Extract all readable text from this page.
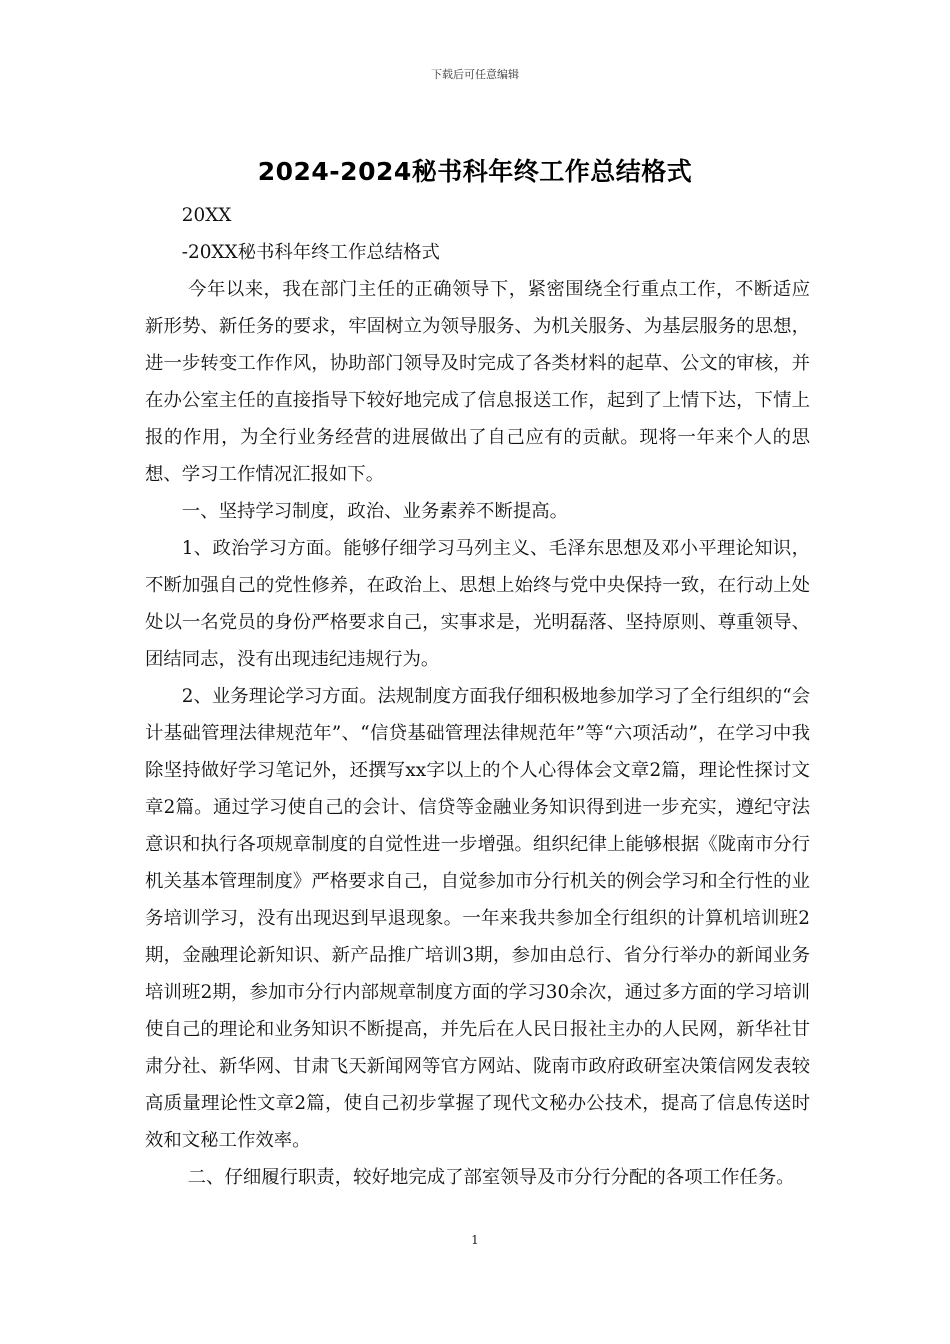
下载后可任意编辑
2024-2024秘书科年终工作总结格式

20XX

-20XX秘书科年终工作总结格式

今年以来，我在部门主任的正确领导下，紧密围绕全行重点工作，不断适应新形势、新任务的要求，牢固树立为领导服务、为机关服务、为基层服务的思想，进一步转变工作作风，协助部门领导及时完成了各类材料的起草、公文的审核，并在办公室主任的直接指导下较好地完成了信息报送工作，起到了上情下达，下情上报的作用，为全行业务经营的进展做出了自己应有的贡献。现将一年来个人的思想、学习工作情况汇报如下。

一、坚持学习制度，政治、业务素养不断提高。

1、政治学习方面。能够仔细学习马列主义、毛泽东思想及邓小平理论知识，不断加强自己的党性修养，在政治上、思想上始终与党中央保持一致，在行动上处处以一名党员的身份严格要求自己，实事求是，光明磊落、坚持原则、尊重领导、团结同志，没有出现违纪违规行为。

2、业务理论学习方面。法规制度方面我仔细积极地参加学习了全行组织的“会计基础管理法律规范年”、“信贷基础管理法律规范年”等“六项活动”，在学习中我除坚持做好学习笔记外，还撰写xx字以上的个人心得体会文章2篇，理论性探讨文章2篇。通过学习使自己的会计、信贷等金融业务知识得到进一步充实，遵纪守法意识和执行各项规章制度的自觉性进一步增强。组织纪律上能够根据《陇南市分行机关基本管理制度》严格要求自己，自觉参加市分行机关的例会学习和全行性的业务培训学习，没有出现迟到早退现象。一年来我共参加全行组织的计算机培训班2期，金融理论新知识、新产品推广培训3期，参加由总行、省分行举办的新闻业务培训班2期，参加市分行内部规章制度方面的学习30余次，通过多方面的学习培训使自己的理论和业务知识不断提高，并先后在人民日报社主办的人民网，新华社甘肃分社、新华网、甘肃飞天新闻网等官方网站、陇南市政府政研室决策信网发表较高质量理论性文章2篇，使自己初步掌握了现代文秘办公技术，提高了信息传送时效和文秘工作效率。

二、仔细履行职责，较好地完成了部室领导及市分行分配的各项工作任务。

1
